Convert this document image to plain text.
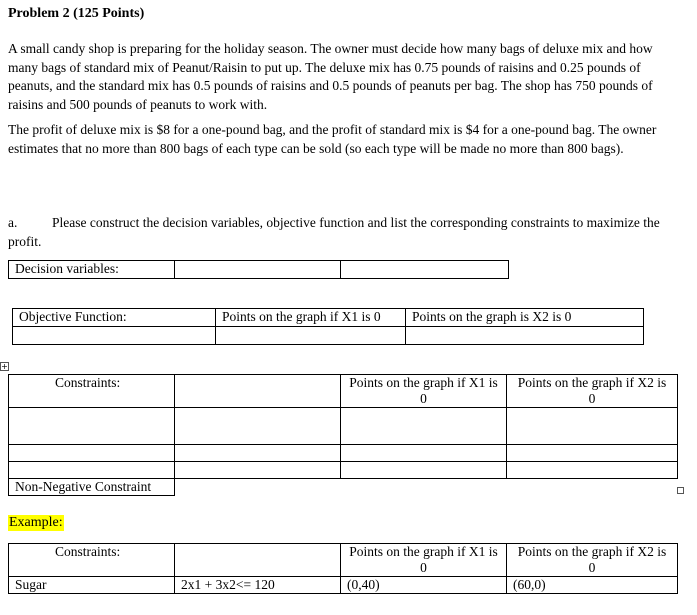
Problem 2 (125 Points)

A small candy shop is preparing for the holiday season. The owner must decide how many bags of deluxe mix and how many bags of standard mix of Peanut/Raisin to put up. The deluxe mix has 0.75 pounds of raisins and 0.25 pounds of peanuts, and the standard mix has 0.5 pounds of raisins and 0.5 pounds of peanuts per bag. The shop has 750 pounds of raisins and 500 pounds of peanuts to work with.

The profit of deluxe mix is $8 for a one-pound bag, and the profit of standard mix is $4 for a one-pound bag. The owner estimates that no more than 800 bags of each type can be sold (so each type will be made no more than 800 bags).

a.	Please construct the decision variables, objective function and list the corresponding constraints to maximize the profit.
Decision variables:		
Objective Function:	Points on the graph if X1 is 0	Points on the graph is X2 is 0

+
Constraints:		Points on the graph if X1 is 0	Points on the graph if X2 is 0

Non-Negative Constraint			
Example:
Constraints:		Points on the graph if X1 is 0	Points on the graph if X2 is 0
Sugar	2x1 + 3x2<= 120	(0,40)	(60,0)
